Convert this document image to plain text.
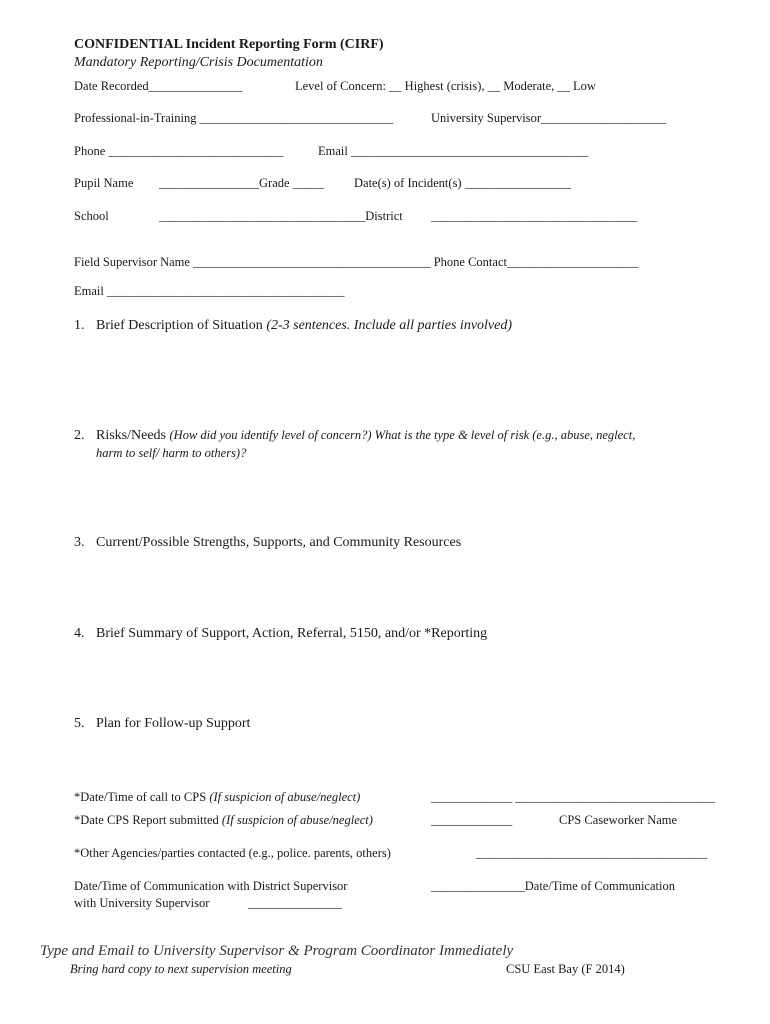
CONFIDENTIAL Incident Reporting Form (CIRF)
Mandatory Reporting/Crisis Documentation
Date Recorded_______________	Level of Concern: __ Highest (crisis), __ Moderate, __ Low
Professional-in-Training _______________________________	University Supervisor____________________
Phone ____________________________	Email ______________________________________
Pupil Name ________________Grade _____ Date(s) of Incident(s) _________________
School	_________________________________District _________________________________
Field Supervisor Name ______________________________________ Phone Contact_____________________
Email ______________________________________
1. Brief Description of Situation (2-3 sentences. Include all parties involved)
2. Risks/Needs (How did you identify level of concern?) What is the type & level of risk (e.g., abuse, neglect,
harm to self/ harm to others)?
3. Current/Possible Strengths, Supports, and Community Resources
4. Brief Summary of Support, Action, Referral, 5150, and/or *Reporting
5. Plan for Follow-up Support
*Date/Time of call to CPS (If suspicion of abuse/neglect)	_____________ ________________________________
*Date CPS Report submitted (If suspicion of abuse/neglect)	_____________	CPS Caseworker Name
*Other Agencies/parties contacted (e.g., police. parents, others)	_____________________________________
Date/Time of Communication with District Supervisor	_______________Date/Time of Communication
with University Supervisor	_______________
Type and Email to University Supervisor & Program Coordinator Immediately
Bring hard copy to next supervision meeting	CSU East Bay (F 2014)
